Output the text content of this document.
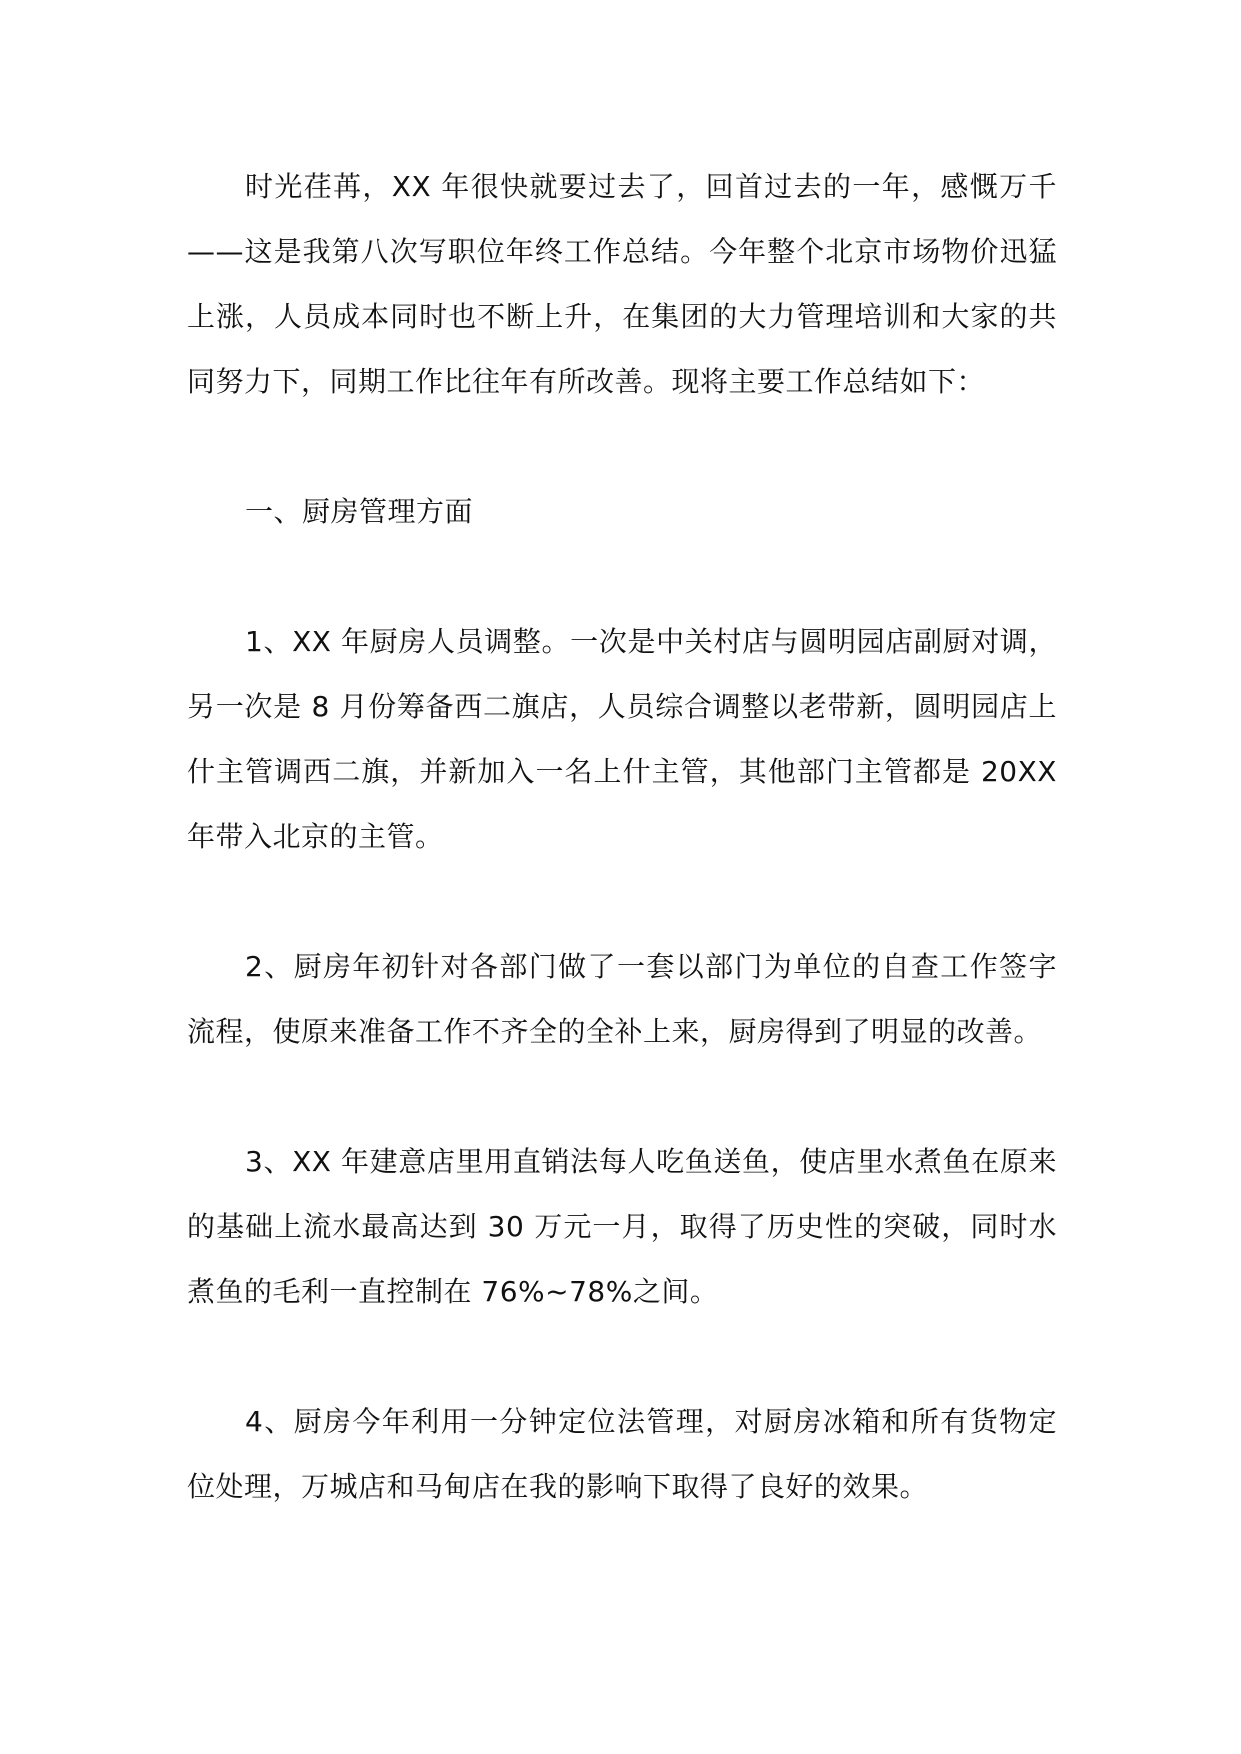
时光荏苒，XX 年很快就要过去了，回首过去的一年，感慨万千——这是我第八次写职位年终工作总结。今年整个北京市场物价迅猛上涨，人员成本同时也不断上升，在集团的大力管理培训和大家的共同努力下，同期工作比往年有所改善。现将主要工作总结如下：

一、厨房管理方面

1、XX 年厨房人员调整。一次是中关村店与圆明园店副厨对调，另一次是 8 月份筹备西二旗店，人员综合调整以老带新，圆明园店上什主管调西二旗，并新加入一名上什主管，其他部门主管都是 20XX 年带入北京的主管。

2、厨房年初针对各部门做了一套以部门为单位的自查工作签字流程，使原来准备工作不齐全的全补上来，厨房得到了明显的改善。

3、XX 年建意店里用直销法每人吃鱼送鱼，使店里水煮鱼在原来的基础上流水最高达到 30 万元一月，取得了历史性的突破，同时水煮鱼的毛利一直控制在 76%~78%之间。

4、厨房今年利用一分钟定位法管理，对厨房冰箱和所有货物定位处理，万城店和马甸店在我的影响下取得了良好的效果。
